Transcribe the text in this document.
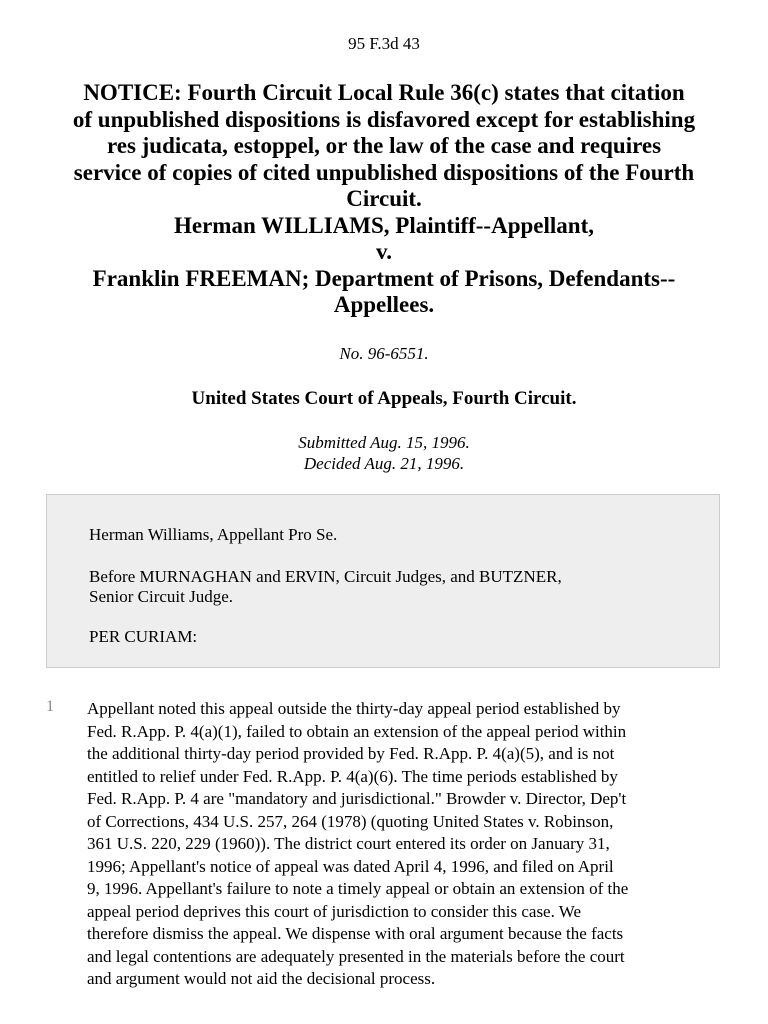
95 F.3d 43
NOTICE: Fourth Circuit Local Rule 36(c) states that citation
of unpublished dispositions is disfavored except for establishing
res judicata, estoppel, or the law of the case and requires
service of copies of cited unpublished dispositions of the Fourth
Circuit.
Herman WILLIAMS, Plaintiff--Appellant,
v.
Franklin FREEMAN; Department of Prisons, Defendants--
Appellees.
No. 96-6551.
United States Court of Appeals, Fourth Circuit.
Submitted Aug. 15, 1996.
Decided Aug. 21, 1996.

Herman Williams, Appellant Pro Se.

Before MURNAGHAN and ERVIN, Circuit Judges, and BUTZNER,
Senior Circuit Judge.

PER CURIAM:

1 Appellant noted this appeal outside the thirty-day appeal period established by
Fed. R.App. P. 4(a)(1), failed to obtain an extension of the appeal period within
the additional thirty-day period provided by Fed. R.App. P. 4(a)(5), and is not
entitled to relief under Fed. R.App. P. 4(a)(6). The time periods established by
Fed. R.App. P. 4 are "mandatory and jurisdictional." Browder v. Director, Dep't
of Corrections, 434 U.S. 257, 264 (1978) (quoting United States v. Robinson,
361 U.S. 220, 229 (1960)). The district court entered its order on January 31,
1996; Appellant's notice of appeal was dated April 4, 1996, and filed on April
9, 1996. Appellant's failure to note a timely appeal or obtain an extension of the
appeal period deprives this court of jurisdiction to consider this case. We
therefore dismiss the appeal. We dispense with oral argument because the facts
and legal contentions are adequately presented in the materials before the court
and argument would not aid the decisional process.
